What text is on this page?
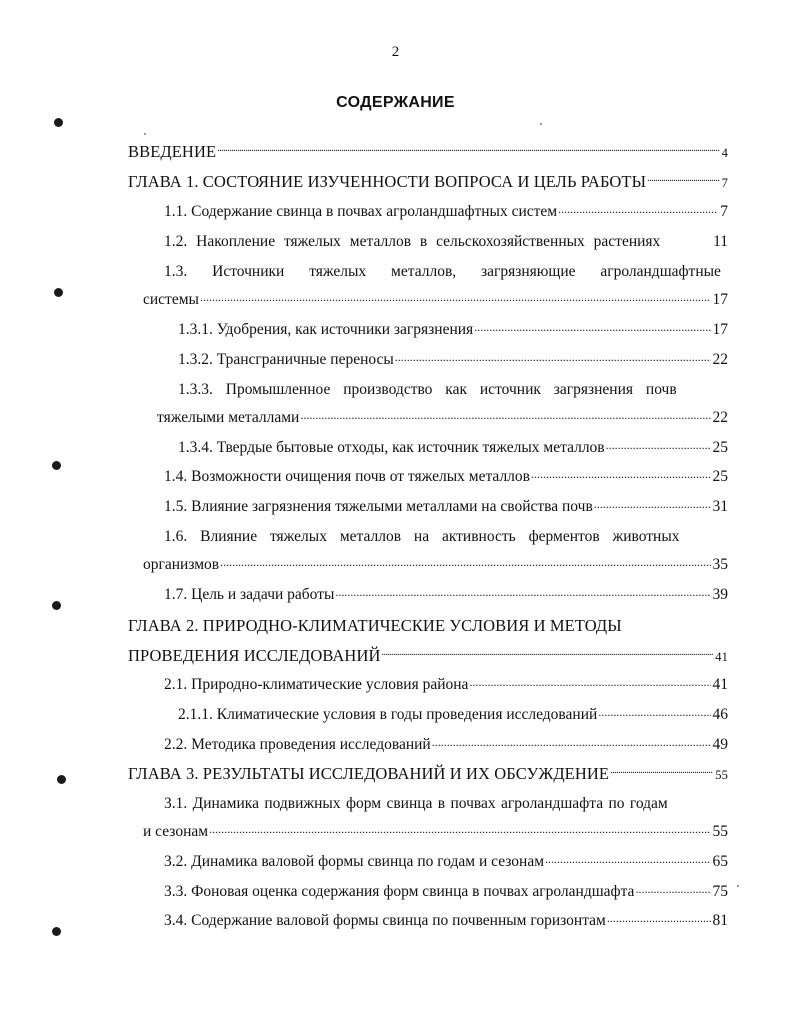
2
СОДЕРЖАНИЕ
ВВЕДЕНИЕ .....	4
ГЛАВА 1. СОСТОЯНИЕ ИЗУЧЕННОСТИ ВОПРОСА И ЦЕЛЬ РАБОТЫ .....	7
1.1. Содержание свинца в почвах агроландшафтных систем .....	7
1.2. Накопление тяжелых металлов в сельскохозяйственных растениях	11
1.3. Источники тяжелых металлов, загрязняющие агроландшафтные
системы .....	17
1.3.1. Удобрения, как источники загрязнения .....	17
1.3.2. Трансграничные переносы .....	22
1.3.3. Промышленное производство как источник загрязнения почв
тяжелыми металлами .....	22
1.3.4. Твердые бытовые отходы, как источник тяжелых металлов .....	25
1.4. Возможности очищения почв от тяжелых металлов .....	25
1.5. Влияние загрязнения тяжелыми металлами на свойства почв .....	31
1.6. Влияние тяжелых металлов на активность ферментов животных
организмов .....	35
1.7. Цель и задачи работы .....	39
ГЛАВА 2. ПРИРОДНО-КЛИМАТИЧЕСКИЕ УСЛОВИЯ И МЕТОДЫ
ПРОВЕДЕНИЯ ИССЛЕДОВАНИЙ .....	41
2.1. Природно-климатические условия района .....	41
2.1.1. Климатические условия в годы проведения исследований .....	46
2.2. Методика проведения исследований .....	49
ГЛАВА 3. РЕЗУЛЬТАТЫ ИССЛЕДОВАНИЙ И ИХ ОБСУЖДЕНИЕ .....	55
3.1. Динамика подвижных форм свинца в почвах агроландшафта по годам
и сезонам .....	55
3.2. Динамика валовой формы свинца по годам и сезонам .....	65
3.3. Фоновая оценка содержания форм свинца в почвах агроландшафта .....	75
3.4. Содержание валовой формы свинца по почвенным горизонтам .....	81
